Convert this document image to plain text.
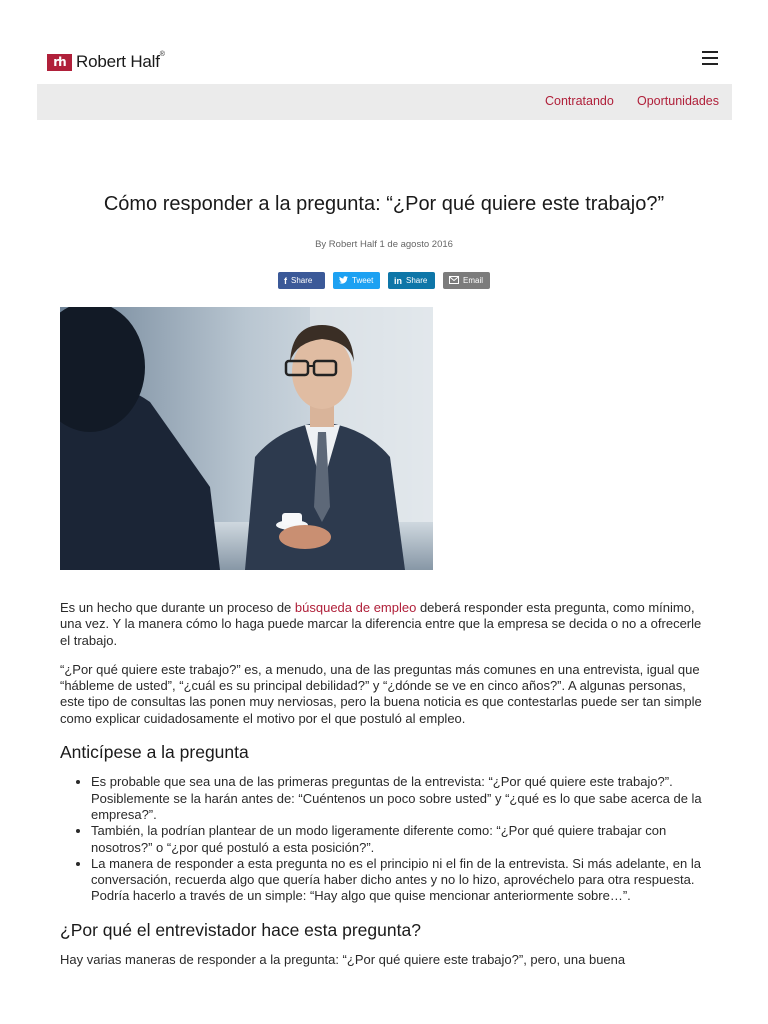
rh Robert Half®
Contratando Oportunidades
Cómo responder a la pregunta: “¿Por qué quiere este trabajo?”
By Robert Half 1 de agosto 2016
f Share	Tweet in Share	Email

Es un hecho que durante un proceso de búsqueda de empleo deberá responder esta pregunta, como mínimo, una vez. Y la manera cómo lo haga puede marcar la diferencia entre que la empresa se decida o no a ofrecerle el trabajo.

“¿Por qué quiere este trabajo?” es, a menudo, una de las preguntas más comunes en una entrevista, igual que “hábleme de usted”, “¿cuál es su principal debilidad?” y “¿dónde se ve en cinco años?”. A algunas personas, este tipo de consultas las ponen muy nerviosas, pero la buena noticia es que contestarlas puede ser tan simple como explicar cuidadosamente el motivo por el que postuló al empleo.

Anticípese a la pregunta
• Es probable que sea una de las primeras preguntas de la entrevista: “¿Por qué quiere este trabajo?”. Posiblemente se la harán antes de: “Cuéntenos un poco sobre usted” y “¿qué es lo que sabe acerca de la empresa?”.
• También, la podrían plantear de un modo ligeramente diferente como: “¿Por qué quiere trabajar con nosotros?” o “¿por qué postuló a esta posición?”.
• La manera de responder a esta pregunta no es el principio ni el fin de la entrevista. Si más adelante, en la conversación, recuerda algo que quería haber dicho antes y no lo hizo, aprovéchelo para otra respuesta. Podría hacerlo a través de un simple: “Hay algo que quise mencionar anteriormente sobre…”.
¿Por qué el entrevistador hace esta pregunta?

Hay varias maneras de responder a la pregunta: “¿Por qué quiere este trabajo?”, pero, una buena
